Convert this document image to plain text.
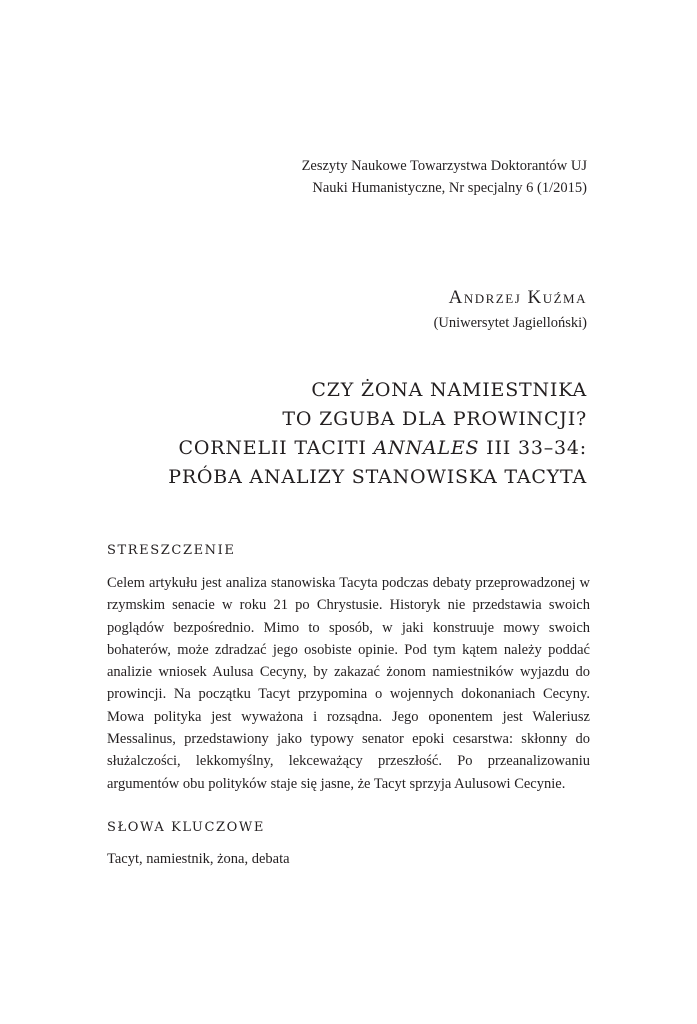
Zeszyty Naukowe Towarzystwa Doktorantów UJ
Nauki Humanistyczne, Nr specjalny 6 (1/2015)
Andrzej Kuźma
(Uniwersytet Jagielloński)
CZY ŻONA NAMIESTNIKA
TO ZGUBA DLA PROWINCJI?
CORNELII TACITI ANNALES III 33–34:
PRÓBA ANALIZY STANOWISKA TACYTA
STRESZCZENIE
Celem artykułu jest analiza stanowiska Tacyta podczas debaty przeprowadzonej w rzymskim senacie w roku 21 po Chrystusie. Historyk nie przedstawia swoich poglądów bezpośrednio. Mimo to sposób, w jaki konstruuje mowy swoich bohaterów, może zdradzać jego osobiste opinie. Pod tym kątem należy poddać analizie wniosek Aulusa Cecyny, by zakazać żonom namiestników wyjazdu do prowincji. Na początku Tacyt przypomina o wojennych dokonaniach Cecyny. Mowa polityka jest wyważona i rozsądna. Jego oponentem jest Waleriusz Messalinus, przedstawiony jako typowy senator epoki cesarstwa: skłonny do służalczości, lekkomyślny, lekceważący przeszłość. Po przeanalizowaniu argumentów obu polityków staje się jasne, że Tacyt sprzyja Aulusowi Cecynie.
SŁOWA KLUCZOWE
Tacyt, namiestnik, żona, debata
